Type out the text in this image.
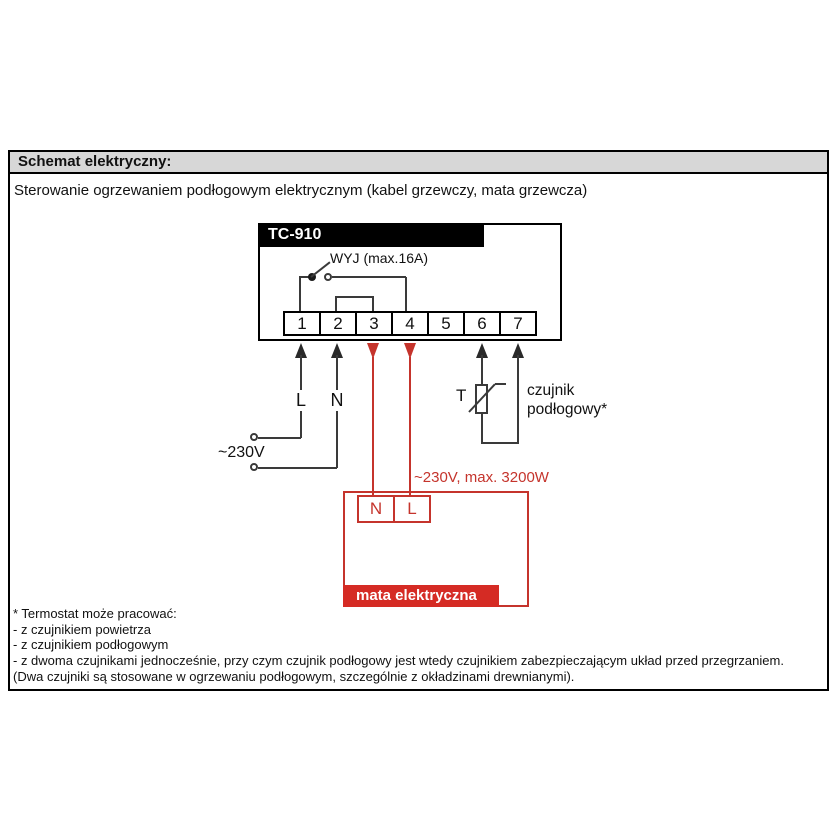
Schemat elektryczny:
Sterowanie ogrzewaniem podłogowym elektrycznym (kabel grzewczy, mata grzewcza)
TC-910
WYJ (max.16A)
1	2	3	4	5	6	7
L N
~230V
T	czujnik podłogowy*
~230V, max. 3200W
N	L
mata elektryczna
* Termostat może pracować:
- z czujnikiem powietrza
- z czujnikiem podłogowym
- z dwoma czujnikami jednocześnie, przy czym czujnik podłogowy jest wtedy czujnikiem zabezpieczającym układ przed przegrzaniem.
(Dwa czujniki są stosowane w ogrzewaniu podłogowym, szczególnie z okładzinami drewnianymi).
